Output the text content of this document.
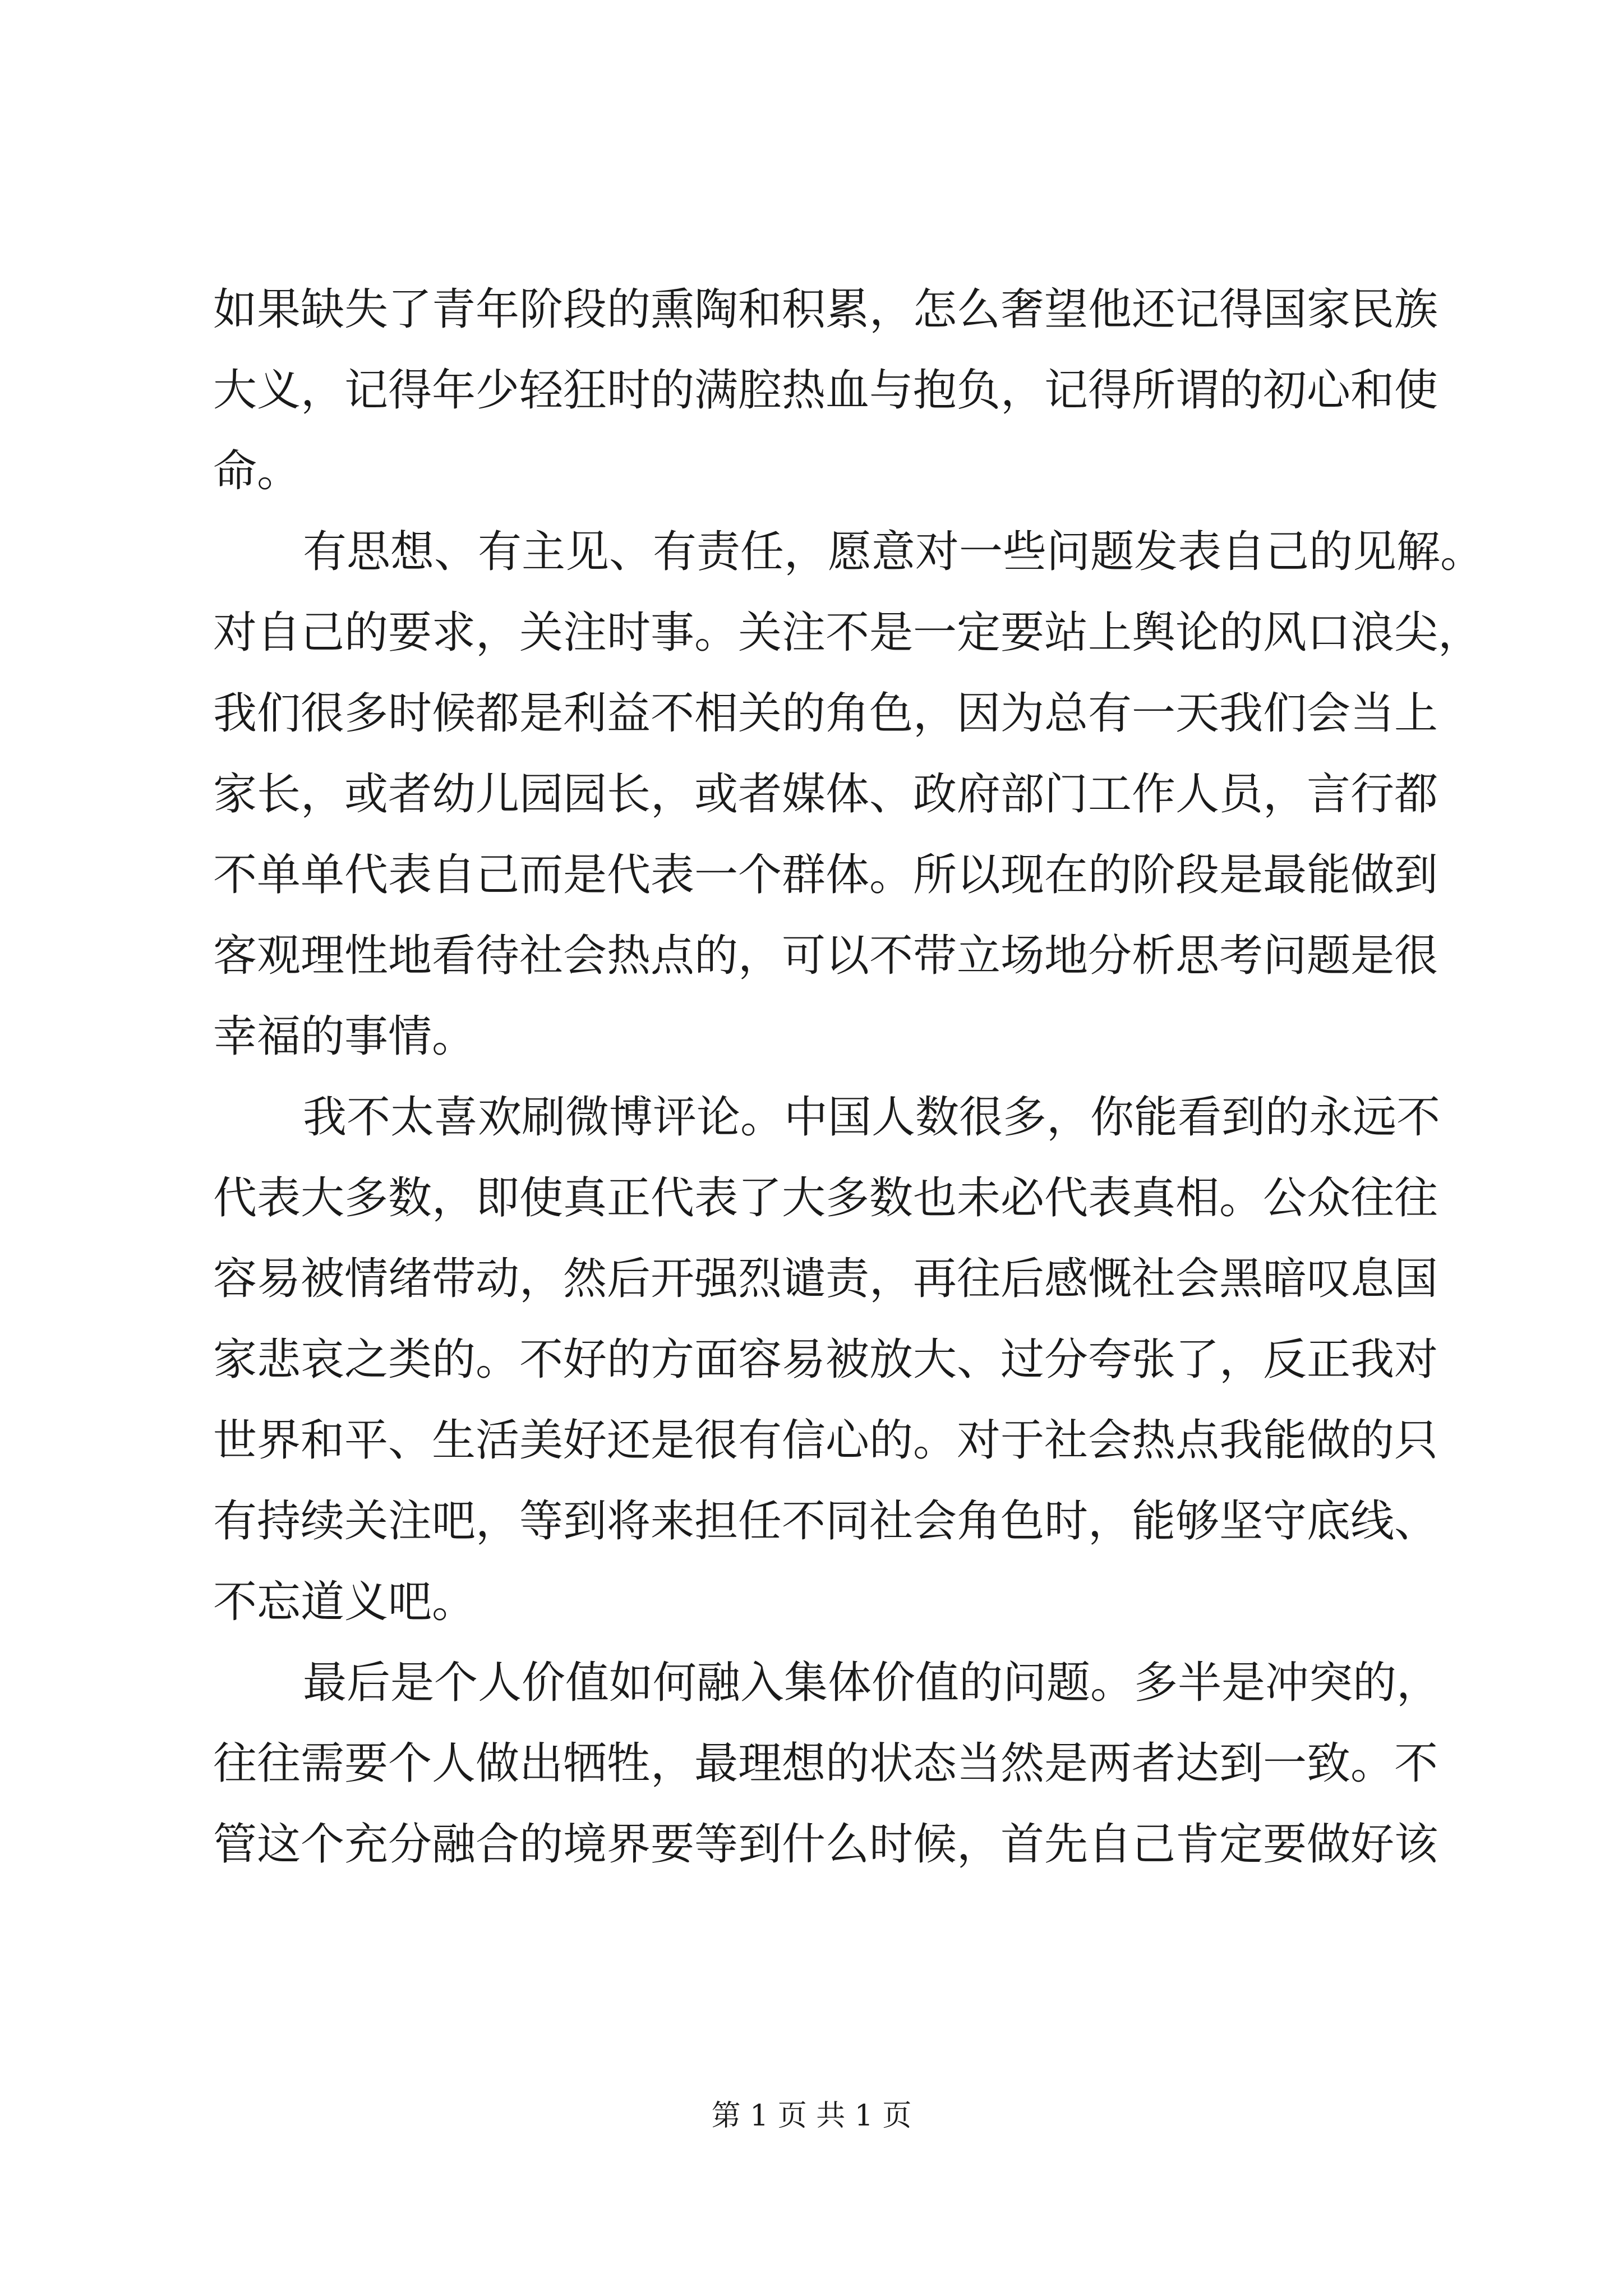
如果缺失了青年阶段的熏陶和积累，怎么奢望他还记得国家民族
大义，记得年少轻狂时的满腔热血与抱负，记得所谓的初心和使
命。
有思想、有主见、有责任，愿意对一些问题发表自己的见解。
对自己的要求，关注时事。关注不是一定要站上舆论的风口浪尖，
我们很多时候都是利益不相关的角色，因为总有一天我们会当上
家长，或者幼儿园园长，或者媒体、政府部门工作人员，言行都
不单单代表自己而是代表一个群体。所以现在的阶段是最能做到
客观理性地看待社会热点的，可以不带立场地分析思考问题是很
幸福的事情。
我不太喜欢刷微博评论。中国人数很多，你能看到的永远不
代表大多数，即使真正代表了大多数也未必代表真相。公众往往
容易被情绪带动，然后开强烈谴责，再往后感慨社会黑暗叹息国
家悲哀之类的。不好的方面容易被放大、过分夸张了，反正我对
世界和平、生活美好还是很有信心的。对于社会热点我能做的只
有持续关注吧，等到将来担任不同社会角色时，能够坚守底线、
不忘道义吧。
最后是个人价值如何融入集体价值的问题。多半是冲突的，
往往需要个人做出牺牲，最理想的状态当然是两者达到一致。不
管这个充分融合的境界要等到什么时候，首先自己肯定要做好该
第 1 页 共 1 页
